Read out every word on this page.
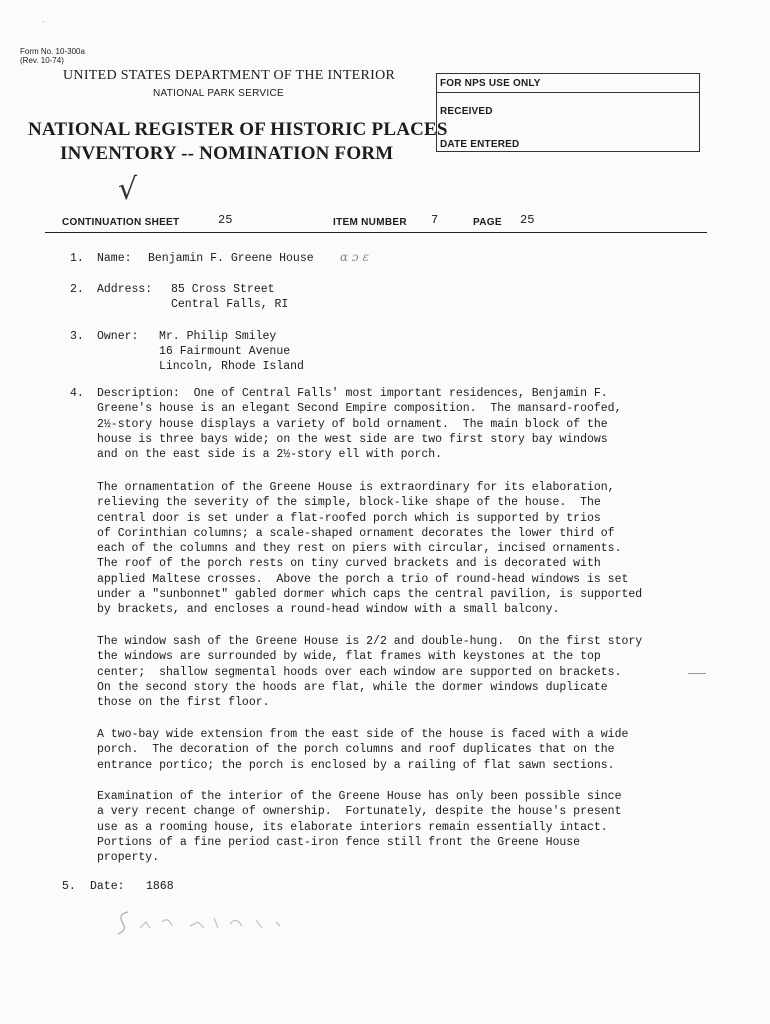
Form No. 10-300a
(Rev. 10-74)
UNITED STATES DEPARTMENT OF THE INTERIOR
NATIONAL PARK SERVICE
NATIONAL REGISTER OF HISTORIC PLACES
INVENTORY -- NOMINATION FORM
FOR NPS USE ONLY
RECEIVED
DATE ENTERED
√
CONTINUATION SHEET	25	ITEM NUMBER 7	PAGE 25
1. Name: Benjamin F. Greene House ɑ ɔ ɛ
2. Address: 85 Cross Street
Central Falls, RI
3. Owner: Mr. Philip Smiley
16 Fairmount Avenue
Lincoln, Rhode Island
4. Description:  One of Central Falls' most important residences, Benjamin F.
Greene's house is an elegant Second Empire composition.  The mansard-roofed,
2½-story house displays a variety of bold ornament.  The main block of the
house is three bays wide; on the west side are two first story bay windows
and on the east side is a 2½-story ell with porch.
The ornamentation of the Greene House is extraordinary for its elaboration,
relieving the severity of the simple, block-like shape of the house.  The
central door is set under a flat-roofed porch which is supported by trios
of Corinthian columns; a scale-shaped ornament decorates the lower third of
each of the columns and they rest on piers with circular, incised ornaments.
The roof of the porch rests on tiny curved brackets and is decorated with
applied Maltese crosses.  Above the porch a trio of round-head windows is set
under a "sunbonnet" gabled dormer which caps the central pavilion, is supported
by brackets, and encloses a round-head window with a small balcony.
The window sash of the Greene House is 2/2 and double-hung.  On the first story
the windows are surrounded by wide, flat frames with keystones at the top
center;  shallow segmental hoods over each window are supported on brackets.
On the second story the hoods are flat, while the dormer windows duplicate
those on the first floor.
A two-bay wide extension from the east side of the house is faced with a wide
porch.  The decoration of the porch columns and roof duplicates that on the
entrance portico; the porch is enclosed by a railing of flat sawn sections.
Examination of the interior of the Greene House has only been possible since
a very recent change of ownership.  Fortunately, despite the house's present
use as a rooming house, its elaborate interiors remain essentially intact.
Portions of a fine period cast-iron fence still front the Greene House
property.
5. Date: 1868
·
